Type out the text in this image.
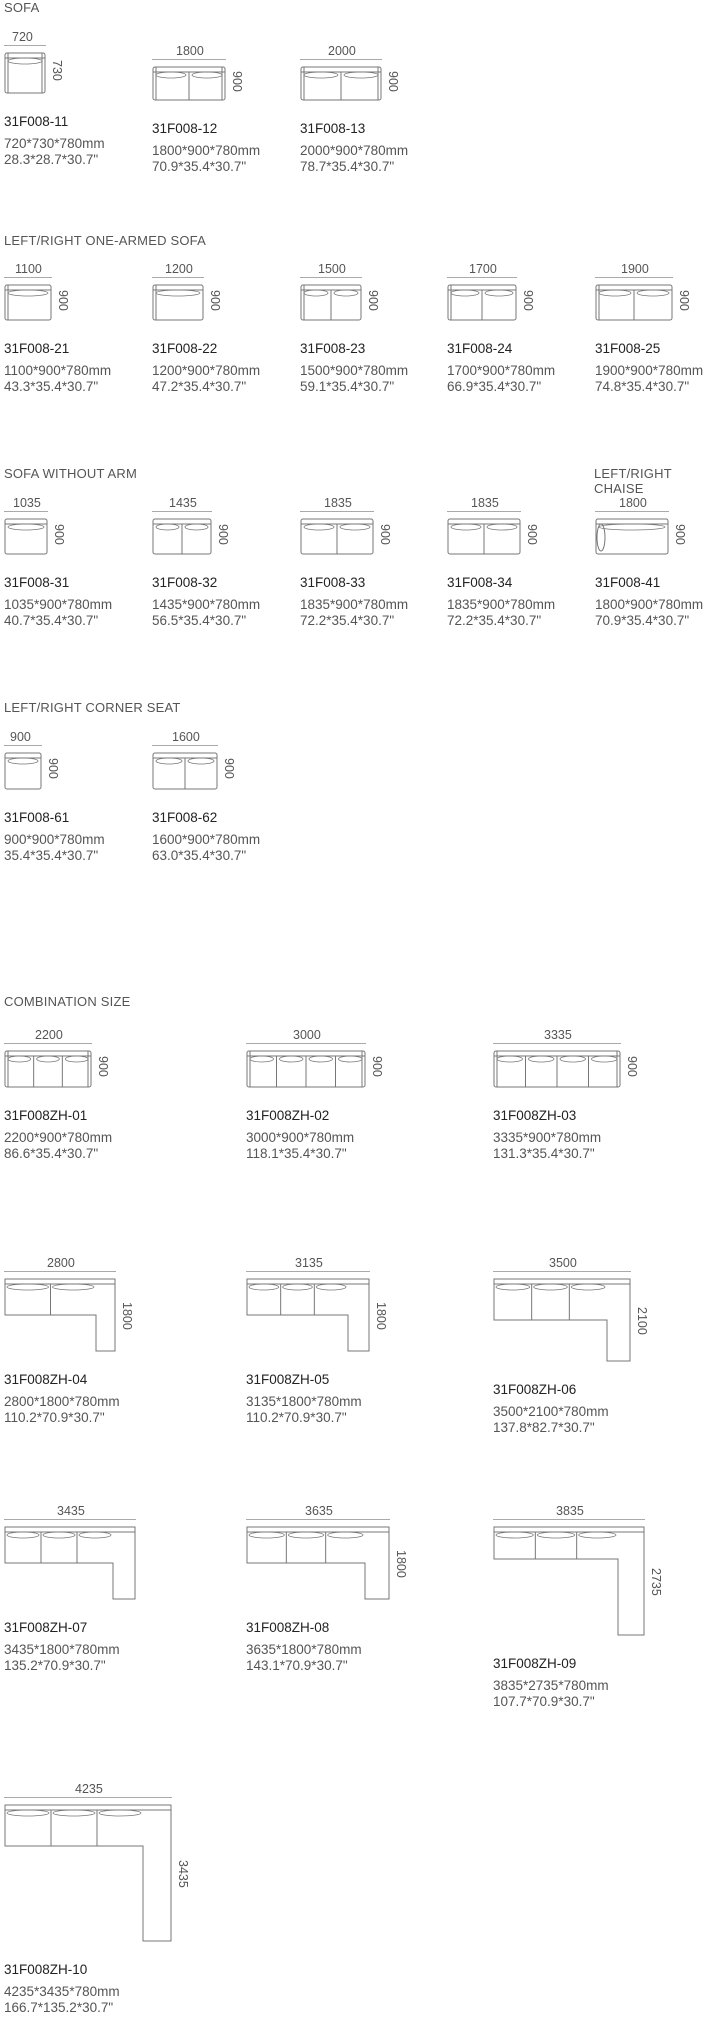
SOFA
LEFT/RIGHT ONE-ARMED SOFA
SOFA WITHOUT ARM	LEFT/RIGHT CHAISE
LEFT/RIGHT CORNER SEAT
COMBINATION SIZE
720
730
31F008-11
720*730*780mm
28.3*28.7*30.7"
1800
900
31F008-12
1800*900*780mm
70.9*35.4*30.7"
2000
900
31F008-13
2000*900*780mm
78.7*35.4*30.7"
1100
900
31F008-21
1100*900*780mm
43.3*35.4*30.7"
1200
900
31F008-22
1200*900*780mm
47.2*35.4*30.7"
1500
900
31F008-23
1500*900*780mm
59.1*35.4*30.7"
1700
900
31F008-24
1700*900*780mm
66.9*35.4*30.7"
1900
900
31F008-25
1900*900*780mm
74.8*35.4*30.7"
1035
900
31F008-31
1035*900*780mm
40.7*35.4*30.7"
1435
900
31F008-32
1435*900*780mm
56.5*35.4*30.7"
1835
900
31F008-33
1835*900*780mm
72.2*35.4*30.7"
1835
900
31F008-34
1835*900*780mm
72.2*35.4*30.7"
1800
900
31F008-41
1800*900*780mm
70.9*35.4*30.7"
900
900
31F008-61
900*900*780mm
35.4*35.4*30.7"
1600
900
31F008-62
1600*900*780mm
63.0*35.4*30.7"
2200
900
31F008ZH-01
2200*900*780mm
86.6*35.4*30.7"
3000
900
31F008ZH-02
3000*900*780mm
118.1*35.4*30.7"
3335
900
31F008ZH-03
3335*900*780mm
131.3*35.4*30.7"
2800
1800
31F008ZH-04
2800*1800*780mm
110.2*70.9*30.7"
3135
1800
31F008ZH-05
3135*1800*780mm
110.2*70.9*30.7"
3500
2100
31F008ZH-06
3500*2100*780mm
137.8*82.7*30.7"
3435
31F008ZH-07
3435*1800*780mm
135.2*70.9*30.7"
3635
1800
31F008ZH-08
3635*1800*780mm
143.1*70.9*30.7"
3835
2735
31F008ZH-09
3835*2735*780mm
107.7*70.9*30.7"
4235
3435
31F008ZH-10
4235*3435*780mm
166.7*135.2*30.7"
